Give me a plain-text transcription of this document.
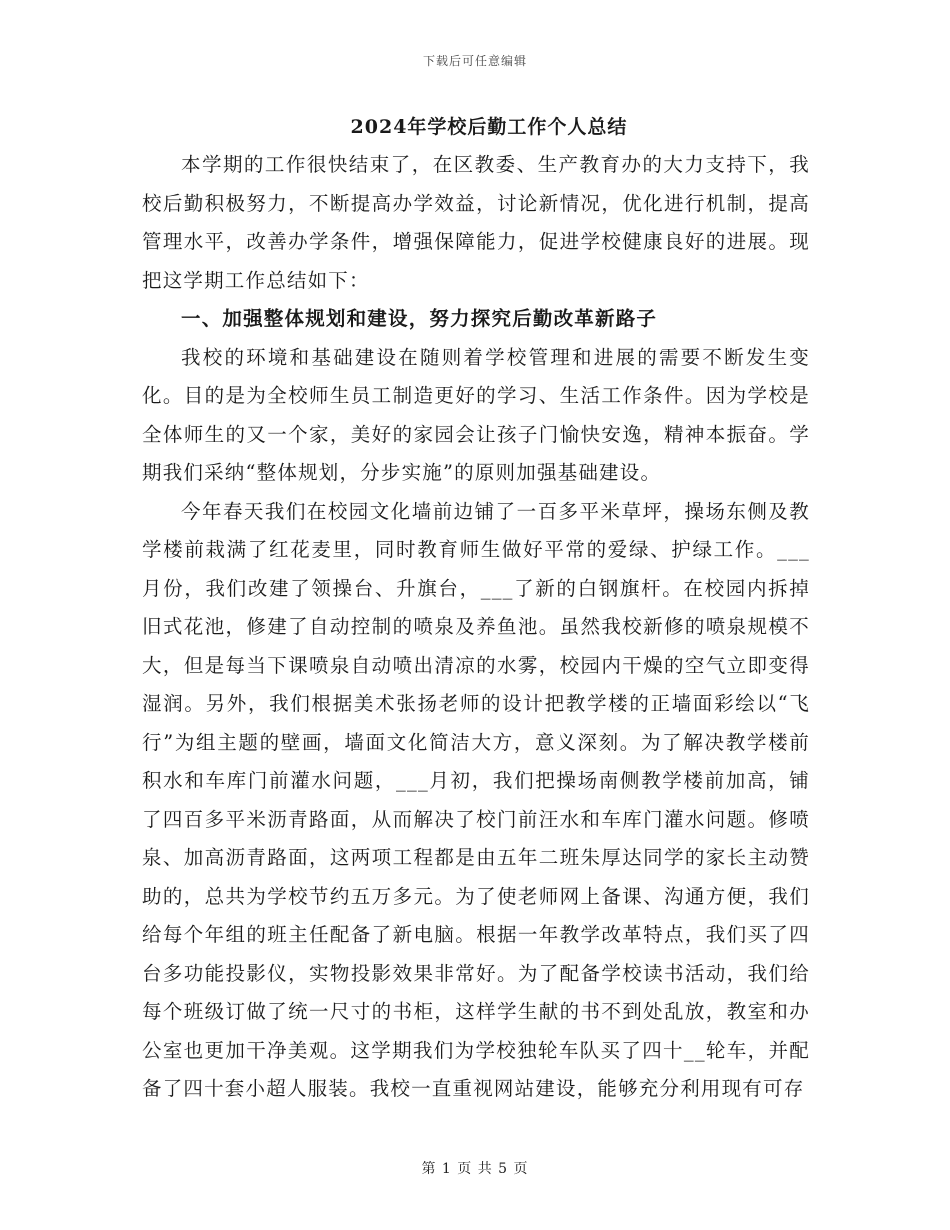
下载后可任意编辑
2024年学校后勤工作个人总结

本学期的工作很快结束了，在区教委、生产教育办的大力支持下，我校后勤积极努力，不断提高办学效益，讨论新情况，优化进行机制，提高管理水平，改善办学条件，增强保障能力，促进学校健康良好的进展。现把这学期工作总结如下：

一、加强整体规划和建设，努力探究后勤改革新路子

我校的环境和基础建设在随则着学校管理和进展的需要不断发生变化。目的是为全校师生员工制造更好的学习、生活工作条件。因为学校是全体师生的又一个家，美好的家园会让孩子门愉快安逸，精神本振奋。学期我们采纳“整体规划，分步实施”的原则加强基础建设。

今年春天我们在校园文化墙前边铺了一百多平米草坪，操场东侧及教学楼前栽满了红花麦里，同时教育师生做好平常的爱绿、护绿工作。___月份，我们改建了领操台、升旗台，___了新的白钢旗杆。在校园内拆掉旧式花池，修建了自动控制的喷泉及养鱼池。虽然我校新修的喷泉规模不大，但是每当下课喷泉自动喷出清凉的水雾，校园内干燥的空气立即变得湿润。另外，我们根据美术张扬老师的设计把教学楼的正墙面彩绘以“飞行”为组主题的壁画，墙面文化简洁大方，意义深刻。为了解决教学楼前积水和车库门前灌水问题，___月初，我们把操场南侧教学楼前加高，铺了四百多平米沥青路面，从而解决了校门前汪水和车库门灌水问题。修喷泉、加高沥青路面，这两项工程都是由五年二班朱厚达同学的家长主动赞助的，总共为学校节约五万多元。为了使老师网上备课、沟通方便，我们给每个年组的班主任配备了新电脑。根据一年教学改革特点，我们买了四台多功能投影仪，实物投影效果非常好。为了配备学校读书活动，我们给每个班级订做了统一尺寸的书柜，这样学生献的书不到处乱放，教室和办公室也更加干净美观。这学期我们为学校独轮车队买了四十__轮车，并配备了四十套小超人服装。我校一直重视网站建设，能够充分利用现有可存

第 1 页 共 5 页
